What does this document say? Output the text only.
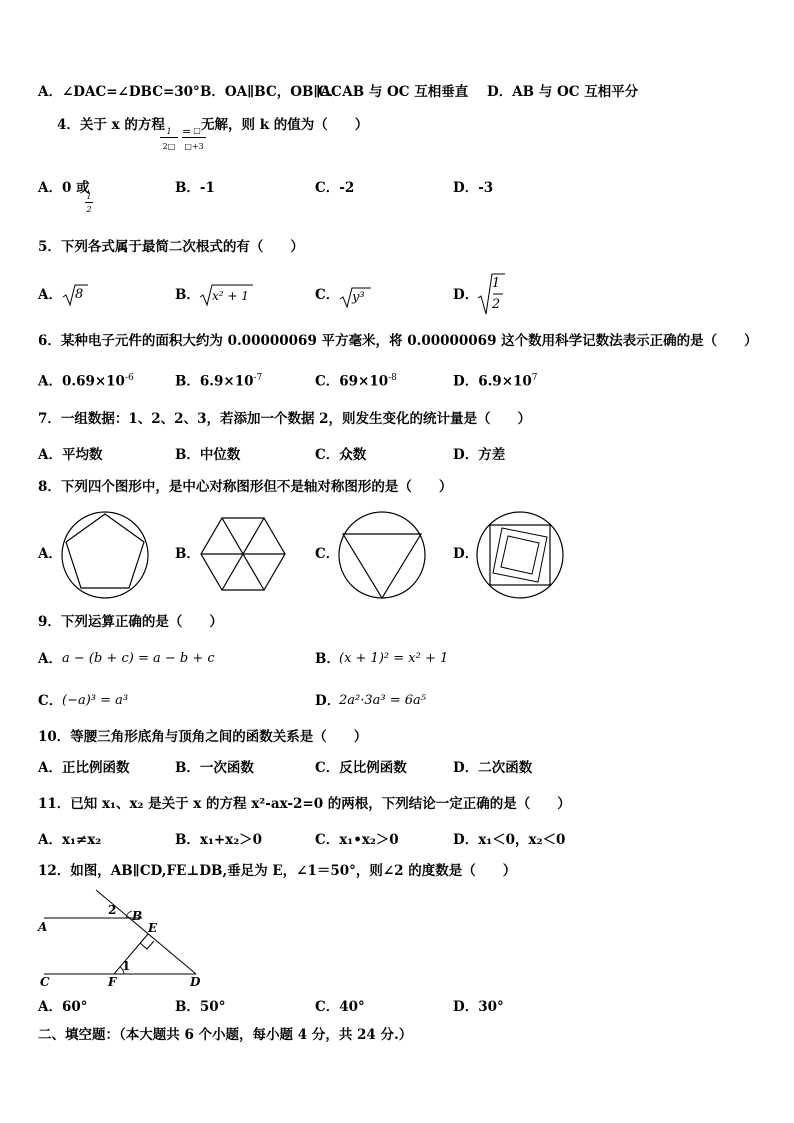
A．∠DAC=∠DBC=30° B．OA∥BC，OB∥AC
C．AB 与 OC 互相垂直 D．AB 与 OC 互相平分
4．关于 x 的方程 1
2□
= □
□+3
无解，则 k 的值为（　　）
A．0 或
1
2
B．-1	C．-2	D．-3
5．下列各式属于最简二次根式的有（　　）
A． 8	B． x² + 1	C． y³	D．
1
2
6．某种电子元件的面积大约为 0.00000069 平方毫米，将 0.00000069 这个数用科学记数法表示正确的是（　　）
A．$0.69\times 10^{-6}$	B．$6.9\times 10^{-7}$	C．$69\times 10^{-8}$	D．$6.9\times 10^7$
7．一组数据：1、2、2、3，若添加一个数据 2，则发生变化的统计量是（　　）
A．平均数	B．中位数	C．众数	D．方差
8．下列四个图形中，是中心对称图形但不是轴对称图形的是（　　）
A．	B．	C．	D．
9．下列运算正确的是（　　）
A． a − (b + c) = a − b + c	B． (x + 1)² = x² + 1
C． (−a)³ = a³	D．
2a²·3a³ = 6a⁵
10．等腰三角形底角与顶角之间的函数关系是（　　）
A．正比例函数	B．一次函数	C．反比例函数	D．二次函数
11．已知 x₁、x₂ 是关于 x 的方程 x²-ax-2=0 的两根，下列结论一定正确的是（　　）
A．x₁≠x₂	B．x₁+x₂＞0	C．x₁•x₂＞0	D．x₁＜0，x₂＜0
12．如图，AB∥CD,FE⊥DB,垂足为 E，∠1＝50°，则∠2 的度数是（　　）
A
B
2
E
1
C	F	D
A．60°	B．50°	C．40°	D．30°
二、填空题：（本大题共 6 个小题，每小题 4 分，共 24 分.）
